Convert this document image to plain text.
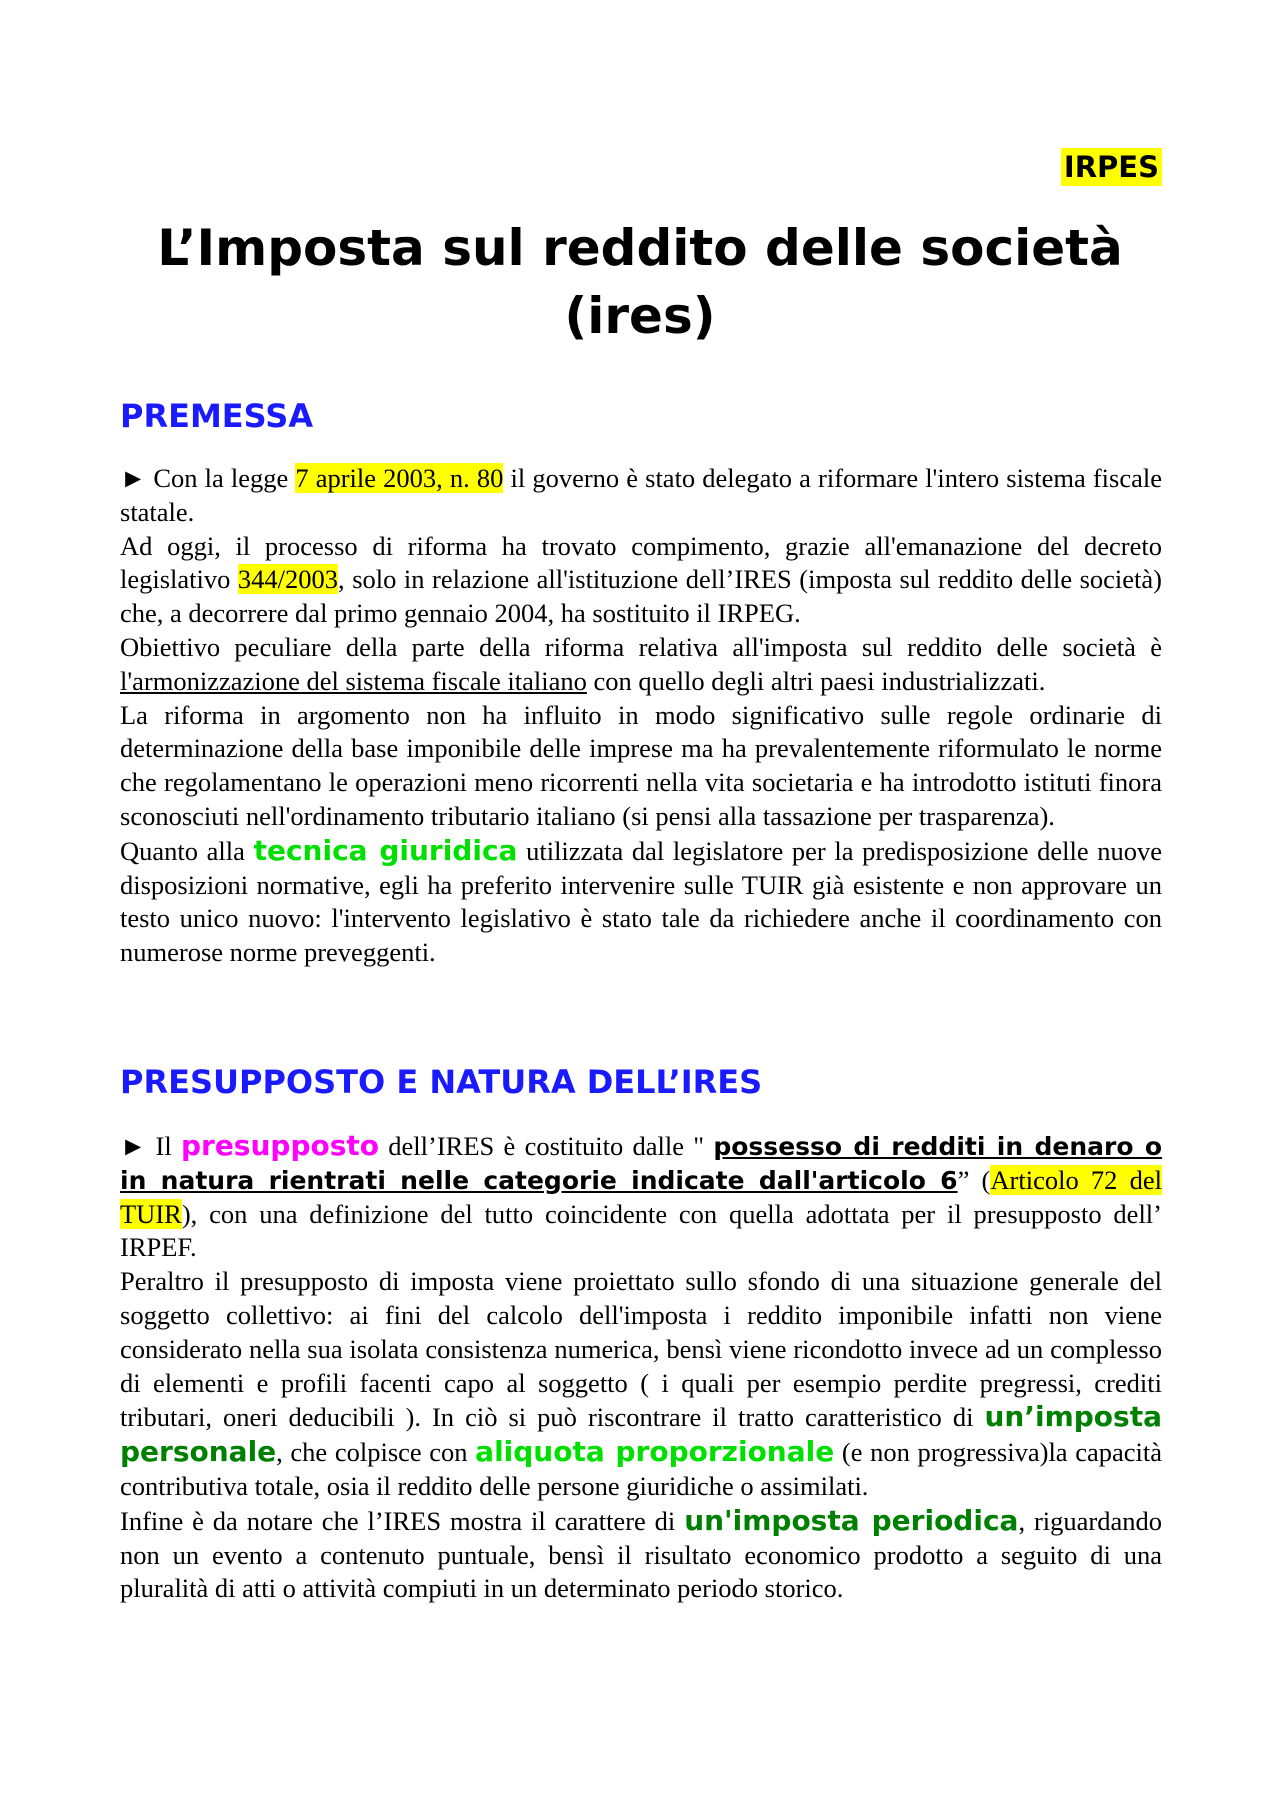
IRPES
L’Imposta sul reddito delle società (ires)
PREMESSA

► Con la legge 7 aprile 2003, n. 80 il governo è stato delegato a riformare l'intero sistema fiscale statale.

Ad oggi, il processo di riforma ha trovato compimento, grazie all'emanazione del decreto legislativo 344/2003, solo in relazione all'istituzione dell’IRES (imposta sul reddito delle società) che, a decorrere dal primo gennaio 2004, ha sostituito il IRPEG.

Obiettivo peculiare della parte della riforma relativa all'imposta sul reddito delle società è l'armonizzazione del sistema fiscale italiano con quello degli altri paesi industrializzati.

La riforma in argomento non ha influito in modo significativo sulle regole ordinarie di determinazione della base imponibile delle imprese ma ha prevalentemente riformulato le norme che regolamentano le operazioni meno ricorrenti nella vita societaria e ha introdotto istituti finora sconosciuti nell'ordinamento tributario italiano (si pensi alla tassazione per trasparenza).

Quanto alla tecnica giuridica utilizzata dal legislatore per la predisposizione delle nuove disposizioni normative, egli ha preferito intervenire sulle TUIR già esistente e non approvare un testo unico nuovo: l'intervento legislativo è stato tale da richiedere anche il coordinamento con numerose norme preveggenti.

PRESUPPOSTO E NATURA DELL’IRES

► Il presupposto dell’IRES è costituito dalle " possesso di redditi in denaro o in natura rientrati nelle categorie indicate dall'articolo 6” (Articolo 72 del TUIR), con una definizione del tutto coincidente con quella adottata per il presupposto dell’ IRPEF.

Peraltro il presupposto di imposta viene proiettato sullo sfondo di una situazione generale del soggetto collettivo: ai fini del calcolo dell'imposta i reddito imponibile infatti non viene considerato nella sua isolata consistenza numerica, bensì viene ricondotto invece ad un complesso di elementi e profili facenti capo al soggetto ( i quali per esempio perdite pregressi, crediti tributari, oneri deducibili ). In ciò si può riscontrare il tratto caratteristico di un’imposta personale, che colpisce con aliquota proporzionale (e non progressiva)la capacità contributiva totale, osia il reddito delle persone giuridiche o assimilati.

Infine è da notare che l’IRES mostra il carattere di un'imposta periodica, riguardando non un evento a contenuto puntuale, bensì il risultato economico prodotto a seguito di una pluralità di atti o attività compiuti in un determinato periodo storico.
